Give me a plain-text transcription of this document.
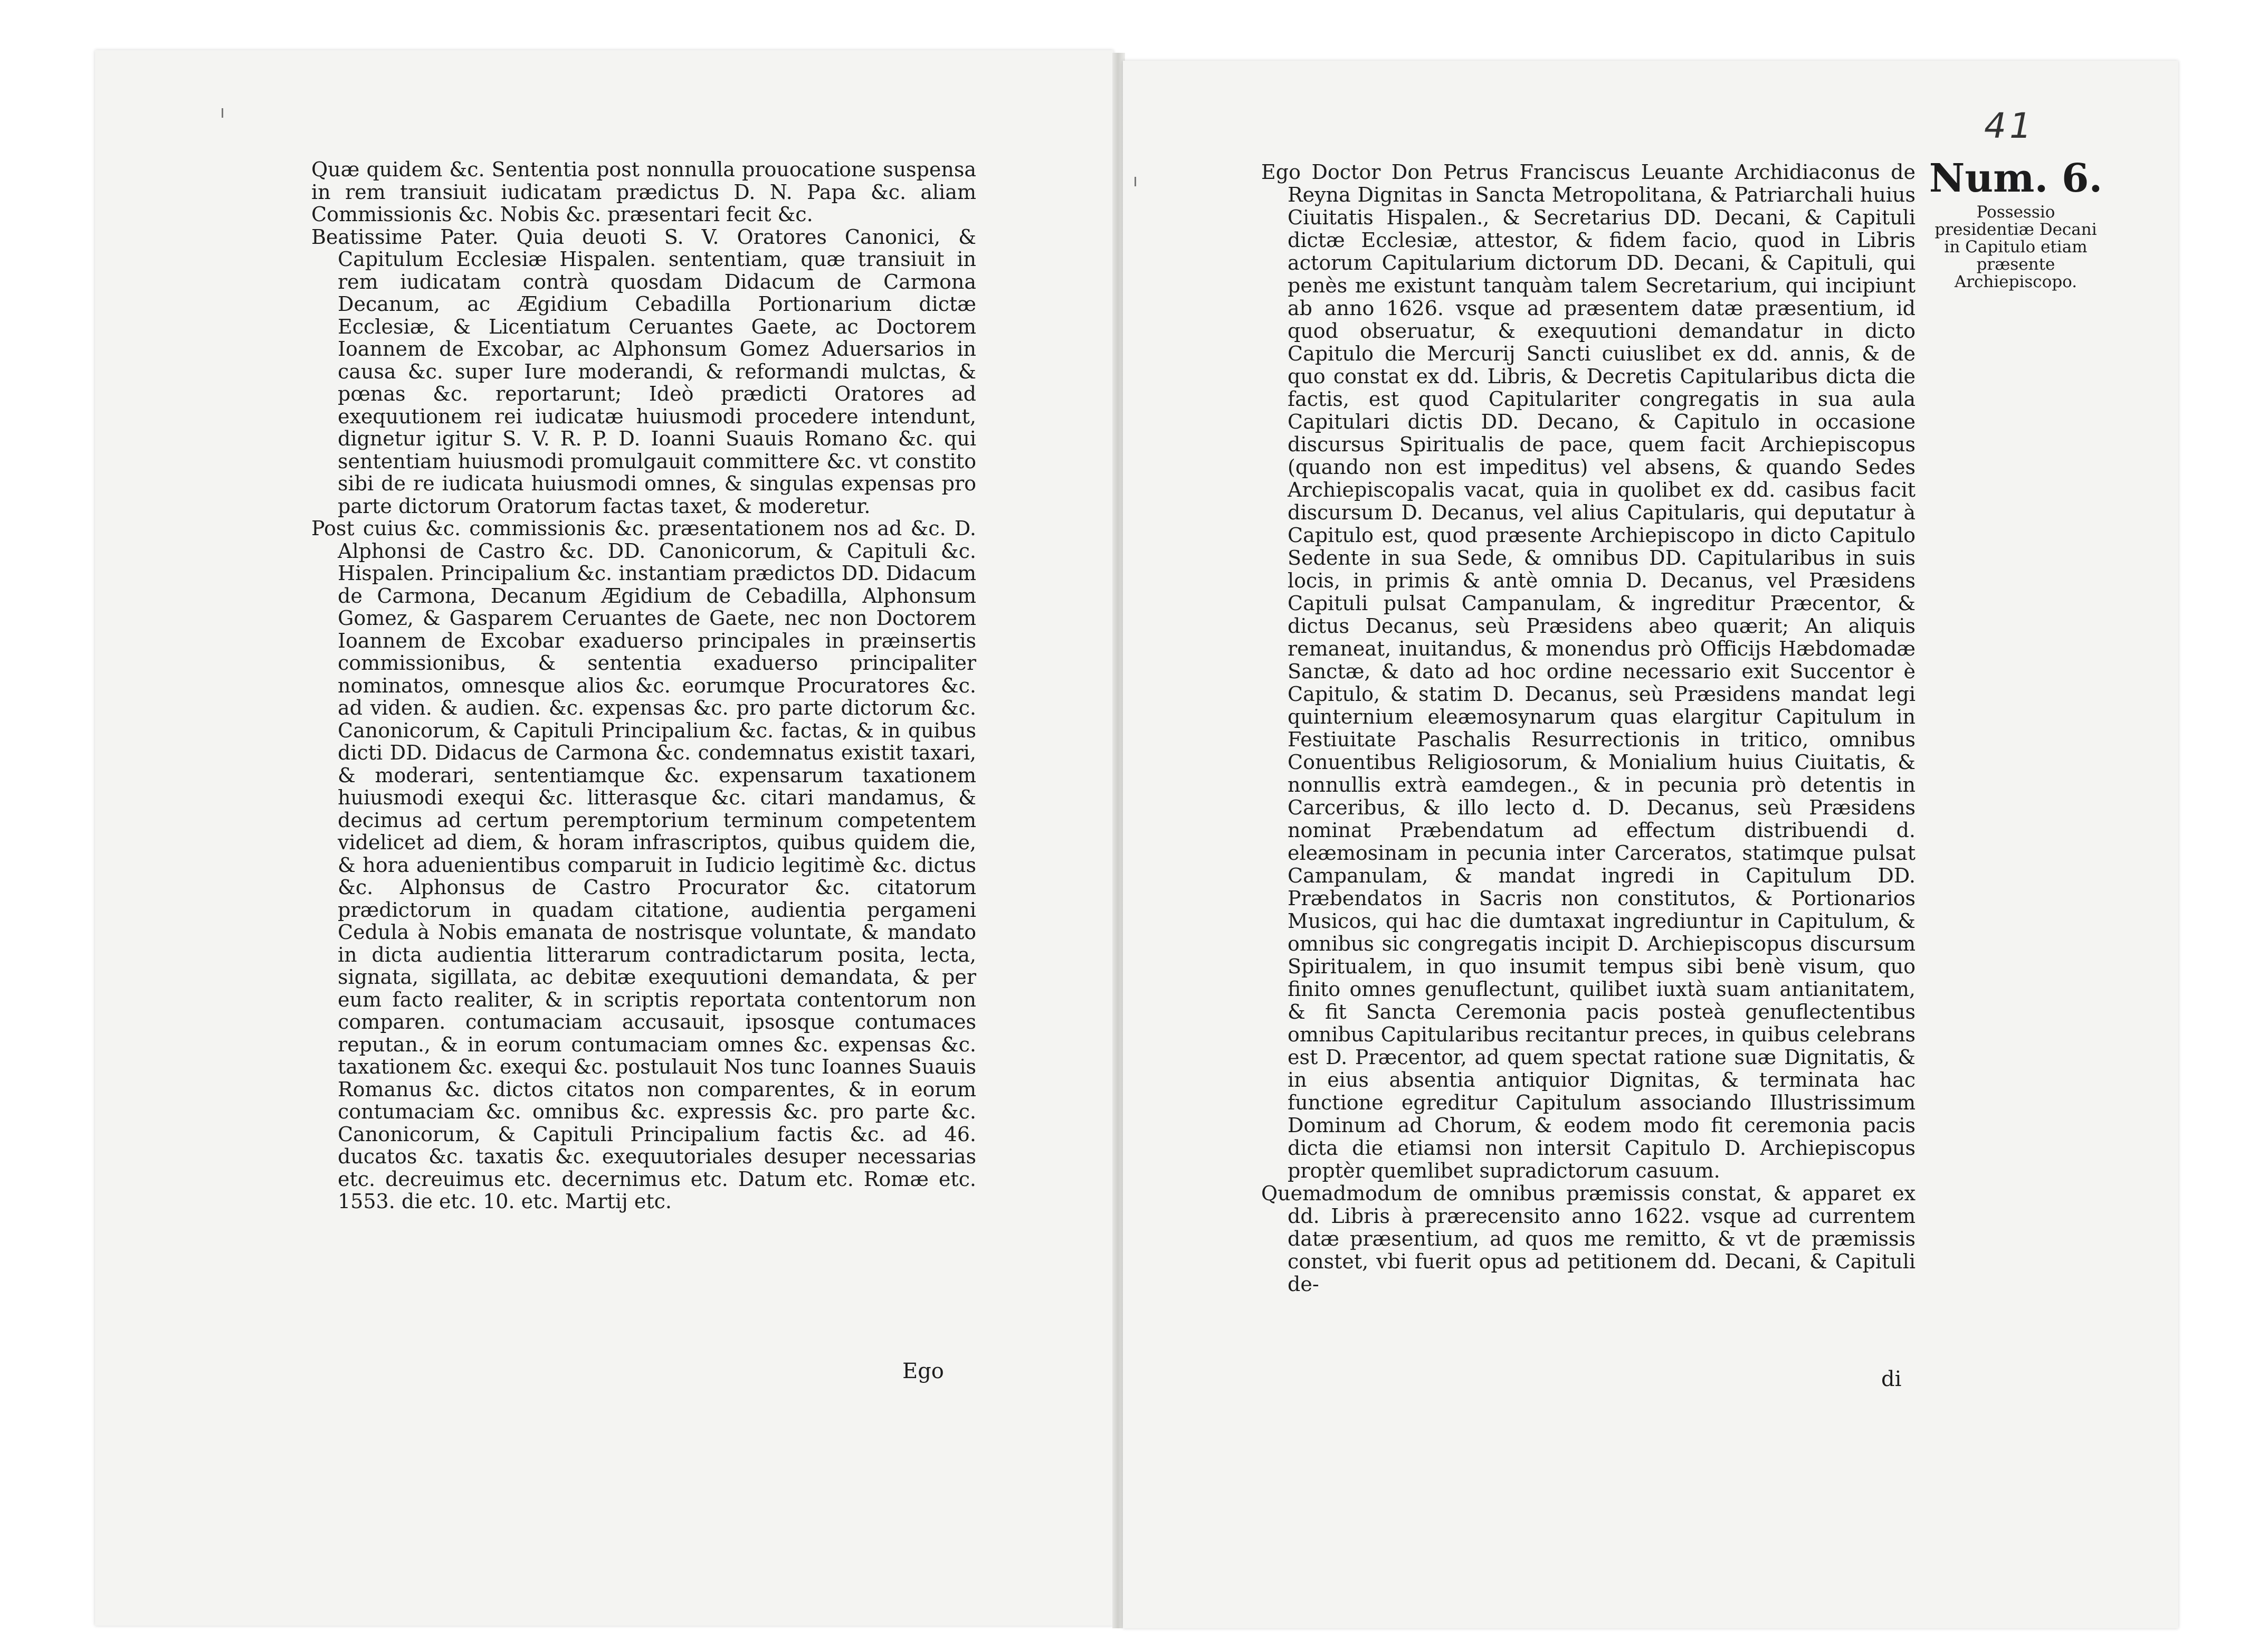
Quæ quidem &c. Sententia post nonnulla prouocatione suspensa in rem transiuit iudicatam prædictus D. N. Papa &c. aliam Commissionis &c. Nobis &c. præsentari fecit &c.

Beatissime Pater. Quia deuoti S. V. Oratores Canonici, & Capitulum Ecclesiæ Hispalen. sententiam, quæ transiuit in rem iudicatam contrà quosdam Didacum de Carmona Decanum, ac Ægidium Cebadilla Portionarium dictæ Ecclesiæ, & Licentiatum Ceruantes Gaete, ac Doctorem Ioannem de Excobar, ac Alphonsum Gomez Aduersarios in causa &c. super Iure moderandi, & reformandi mulctas, & pœnas &c. reportarunt; Ideò prædicti Oratores ad exequutionem rei iudicatæ huiusmodi procedere intendunt, dignetur igitur S. V. R. P. D. Ioanni Suauis Romano &c. qui sententiam huiusmodi promulgauit committere &c. vt constito sibi de re iudicata huiusmodi omnes, & singulas expensas pro parte dictorum Oratorum factas taxet, & moderetur.

Post cuius &c. commissionis &c. præsentationem nos ad &c. D. Alphonsi de Castro &c. DD. Canonicorum, & Capituli &c. Hispalen. Principalium &c. instantiam prædictos DD. Didacum de Carmona, Decanum Ægidium de Cebadilla, Alphonsum Gomez, & Gasparem Ceruantes de Gaete, nec non Doctorem Ioannem de Excobar exaduerso principales in præinsertis commissionibus, & sententia exaduerso principaliter nominatos, omnesque alios &c. eorumque Procuratores &c. ad viden. & audien. &c. expensas &c. pro parte dictorum &c. Canonicorum, & Capituli Principalium &c. factas, & in quibus dicti DD. Didacus de Carmona &c. condemnatus existit taxari, & moderari, sententiamque &c. expensarum taxationem huiusmodi exequi &c. litterasque &c. citari mandamus, & decimus ad certum peremptorium terminum competentem videlicet ad diem, & horam infrascriptos, quibus quidem die, & hora aduenientibus comparuit in Iudicio legitimè &c. dictus &c. Alphonsus de Castro Procurator &c. citatorum prædictorum in quadam citatione, audientia pergameni Cedula à Nobis emanata de nostrisque voluntate, & mandato in dicta audientia litterarum contradictarum posita, lecta, signata, sigillata, ac debitæ exequutioni demandata, & per eum facto realiter, & in scriptis reportata contentorum non comparen. contumaciam accusauit, ipsosque contumaces reputan., & in eorum contumaciam omnes &c. expensas &c. taxationem &c. exequi &c. postulauit Nos tunc Ioannes Suauis Romanus &c. dictos citatos non comparentes, & in eorum contumaciam &c. omnibus &c. expressis &c. pro parte &c. Canonicorum, & Capituli Principalium factis &c. ad 46. ducatos &c. taxatis &c. exequutoriales desuper necessarias etc. decreuimus etc. decernimus etc. Datum etc. Romæ etc. 1553. die etc. 10. etc. Martij etc.

Ego
41
Num. 6.
Possessio presidentiæ Decani in Capitulo etiam præsente Archiepiscopo.

Ego Doctor Don Petrus Franciscus Leuante Archidiaconus de Reyna Dignitas in Sancta Metropolitana, & Patriarchali huius Ciuitatis Hispalen., & Secretarius DD. Decani, & Capituli dictæ Ecclesiæ, attestor, & fidem facio, quod in Libris actorum Capitularium dictorum DD. Decani, & Capituli, qui penès me existunt tanquàm talem Secretarium, qui incipiunt ab anno 1626. vsque ad præsentem datæ præsentium, id quod obseruatur, & exequutioni demandatur in dicto Capitulo die Mercurij Sancti cuiuslibet ex dd. annis, & de quo constat ex dd. Libris, & Decretis Capitularibus dicta die factis, est quod Capitulariter congregatis in sua aula Capitulari dictis DD. Decano, & Capitulo in occasione discursus Spiritualis de pace, quem facit Archiepiscopus (quando non est impeditus) vel absens, & quando Sedes Archiepiscopalis vacat, quia in quolibet ex dd. casibus facit discursum D. Decanus, vel alius Capitularis, qui deputatur à Capitulo est, quod præsente Archiepiscopo in dicto Capitulo Sedente in sua Sede, & omnibus DD. Capitularibus in suis locis, in primis & antè omnia D. Decanus, vel Præsidens Capituli pulsat Campanulam, & ingreditur Præcentor, & dictus Decanus, seù Præsidens abeo quærit; An aliquis remaneat, inuitandus, & monendus prò Officijs Hæbdomadæ Sanctæ, & dato ad hoc ordine necessario exit Succentor è Capitulo, & statim D. Decanus, seù Præsidens mandat legi quinternium eleæmosynarum quas elargitur Capitulum in Festiuitate Paschalis Resurrectionis in tritico, omnibus Conuentibus Religiosorum, & Monialium huius Ciuitatis, & nonnullis extrà eamdegen., & in pecunia prò detentis in Carceribus, & illo lecto d. D. Decanus, seù Præsidens nominat Præbendatum ad effectum distribuendi d. eleæmosinam in pecunia inter Carceratos, statimque pulsat Campanulam, & mandat ingredi in Capitulum DD. Præbendatos in Sacris non constitutos, & Portionarios Musicos, qui hac die dumtaxat ingrediuntur in Capitulum, & omnibus sic congregatis incipit D. Archiepiscopus discursum Spiritualem, in quo insumit tempus sibi benè visum, quo finito omnes genuflectunt, quilibet iuxtà suam antianitatem, & fit Sancta Ceremonia pacis posteà genuflectentibus omnibus Capitularibus recitantur preces, in quibus celebrans est D. Præcentor, ad quem spectat ratione suæ Dignitatis, & in eius absentia antiquior Dignitas, & terminata hac functione egreditur Capitulum associando Illustrissimum Dominum ad Chorum, & eodem modo fit ceremonia pacis dicta die etiamsi non intersit Capitulo D. Archiepiscopus proptèr quemlibet supradictorum casuum.

Quemadmodum de omnibus præmissis constat, & apparet ex dd. Libris à prærecensito anno 1622. vsque ad currentem datæ præsentium, ad quos me remitto, & vt de præmissis constet, vbi fuerit opus ad petitionem dd. Decani, & Capituli de-

di
